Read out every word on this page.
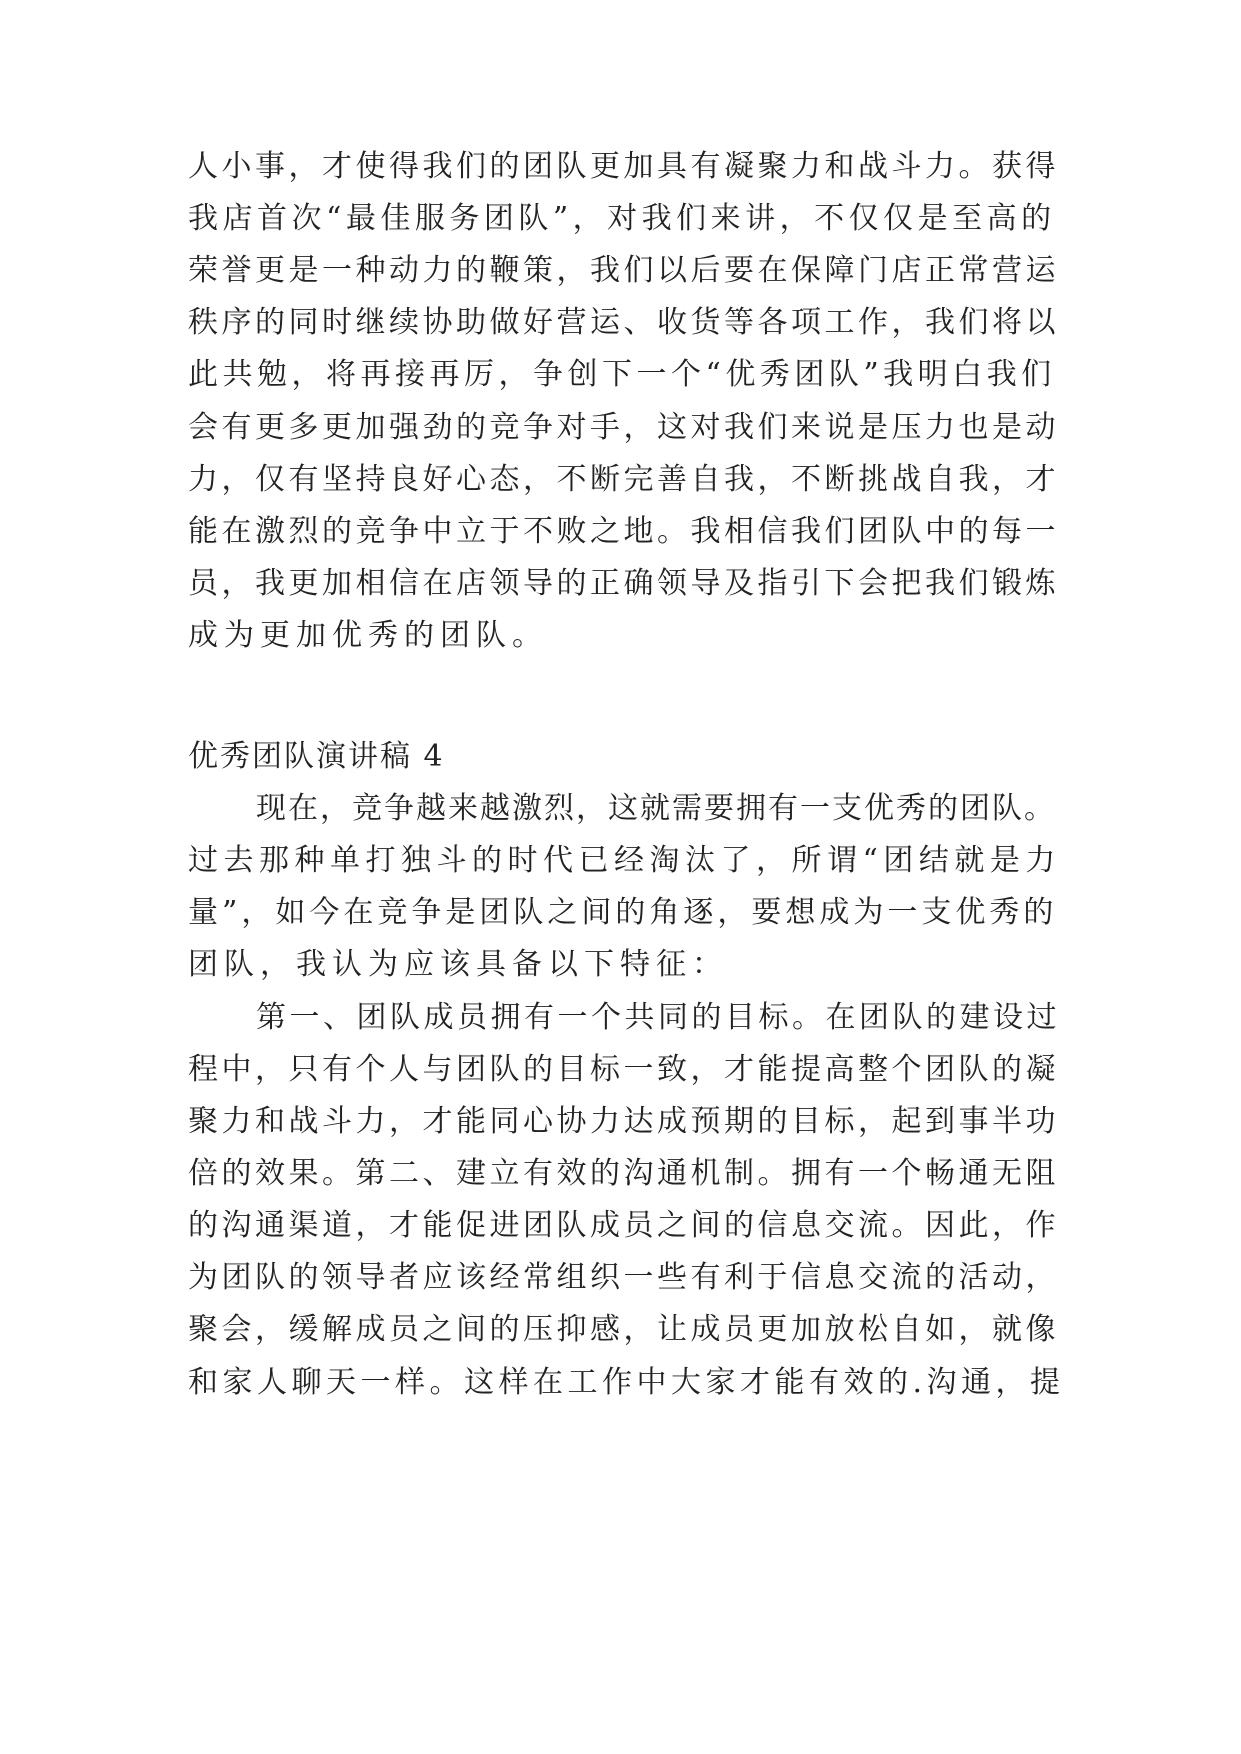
人小事，才使得我们的团队更加具有凝聚力和战斗力。获得
我店首次“最佳服务团队”，对我们来讲，不仅仅是至高的
荣誉更是一种动力的鞭策，我们以后要在保障门店正常营运
秩序的同时继续协助做好营运、收货等各项工作，我们将以
此共勉，将再接再厉，争创下一个“优秀团队”我明白我们
会有更多更加强劲的竞争对手，这对我们来说是压力也是动
力，仅有坚持良好心态，不断完善自我，不断挑战自我，才
能在激烈的竞争中立于不败之地。我相信我们团队中的每一
员，我更加相信在店领导的正确领导及指引下会把我们锻炼
成为更加优秀的团队。
优秀团队演讲稿 4
现在，竞争越来越激烈，这就需要拥有一支优秀的团队。
过去那种单打独斗的时代已经淘汰了，所谓“团结就是力
量”，如今在竞争是团队之间的角逐，要想成为一支优秀的
团队，我认为应该具备以下特征：
第一、团队成员拥有一个共同的目标。在团队的建设过
程中，只有个人与团队的目标一致，才能提高整个团队的凝
聚力和战斗力，才能同心协力达成预期的目标，起到事半功
倍的效果。第二、建立有效的沟通机制。拥有一个畅通无阻
的沟通渠道，才能促进团队成员之间的信息交流。因此，作
为团队的领导者应该经常组织一些有利于信息交流的活动，
聚会，缓解成员之间的压抑感，让成员更加放松自如，就像
和家人聊天一样。这样在工作中大家才能有效的.沟通，提
